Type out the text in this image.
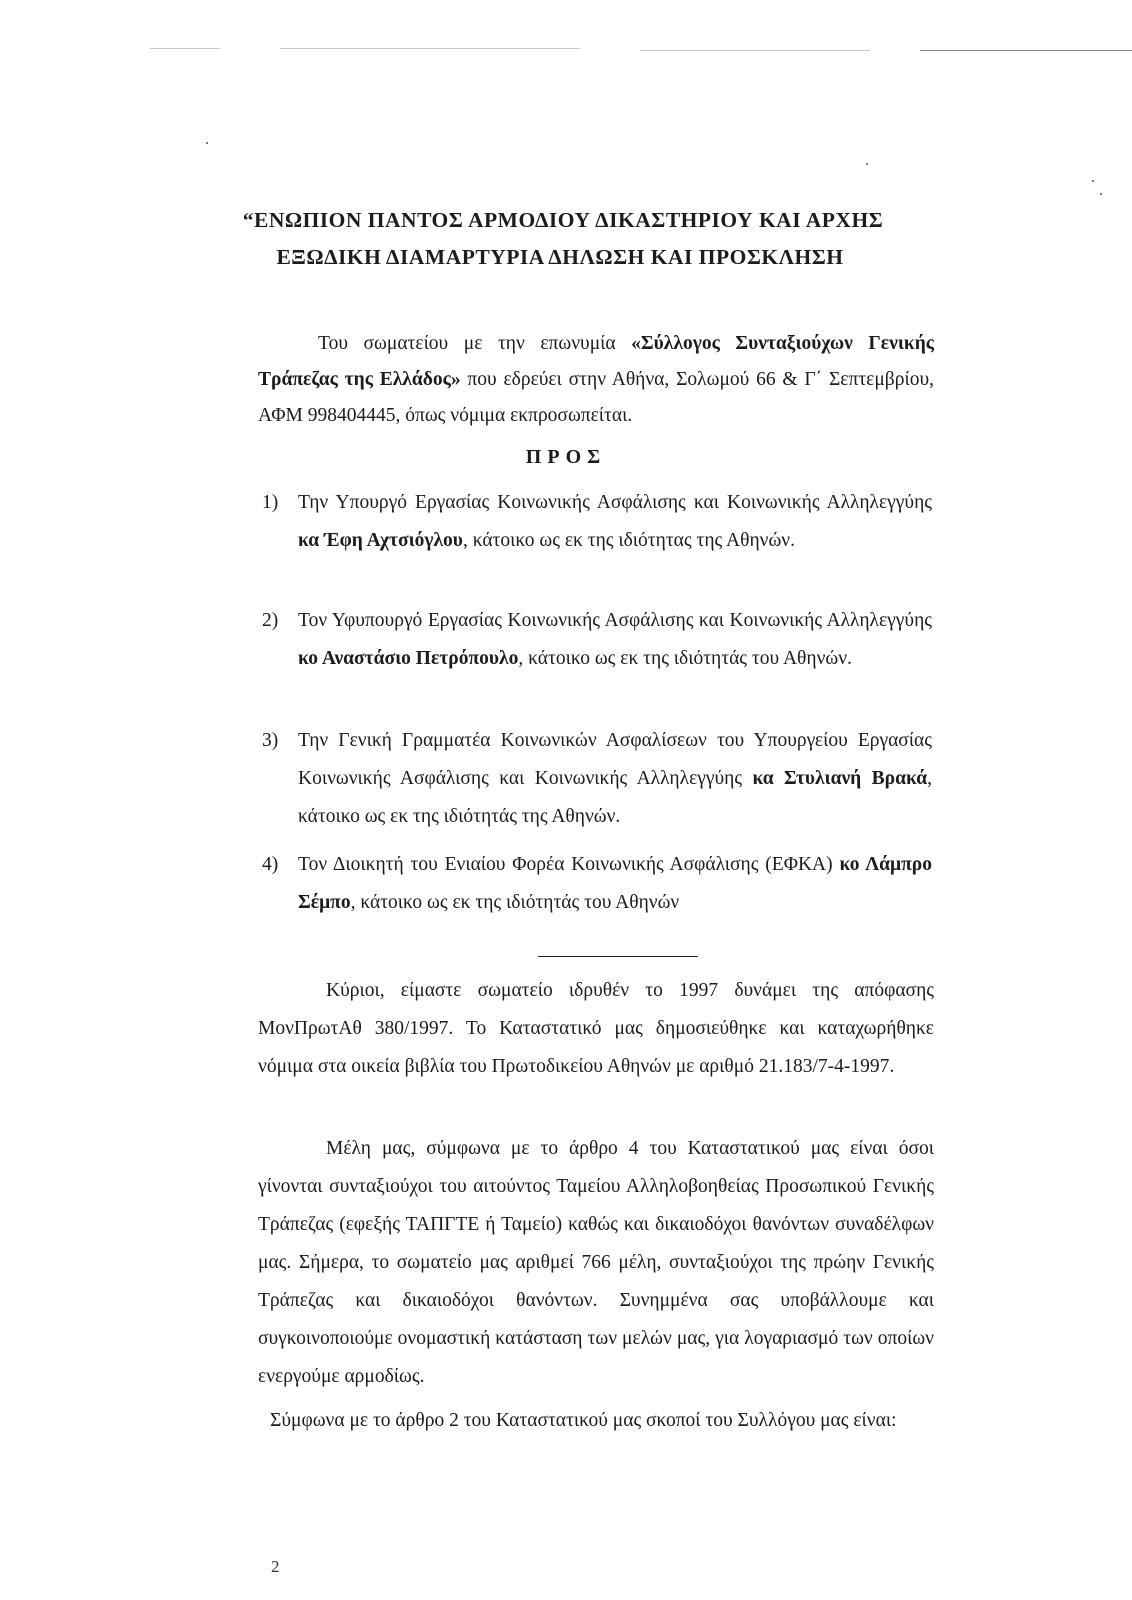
“ΕΝΩΠΙΟΝ ΠΑΝΤΟΣ ΑΡΜΟΔΙΟΥ ΔΙΚΑΣΤΗΡΙΟΥ ΚΑΙ ΑΡΧΗΣ
ΕΞΩΔΙΚΗ ΔΙΑΜΑΡΤΥΡΙΑ ΔΗΛΩΣΗ ΚΑΙ ΠΡΟΣΚΛΗΣΗ
Του σωματείου με την επωνυμία «Σύλλογος Συνταξιούχων Γενικής Τράπεζας της Ελλάδος» που εδρεύει στην Αθήνα, Σολωμού 66 & Γ΄ Σεπτεμβρίου, ΑΦΜ 998404445, όπως νόμιμα εκπροσωπείται.
ΠΡΟΣ
1) Την Υπουργό Εργασίας Κοινωνικής Ασφάλισης και Κοινωνικής Αλληλεγγύης κα Έφη Αχτσιόγλου, κάτοικο ως εκ της ιδιότητας της Αθηνών.
2) Τον Υφυπουργό Εργασίας Κοινωνικής Ασφάλισης και Κοινωνικής Αλληλεγγύης κο Αναστάσιο Πετρόπουλο, κάτοικο ως εκ της ιδιότητάς του Αθηνών.
3) Την Γενική Γραμματέα Κοινωνικών Ασφαλίσεων του Υπουργείου Εργασίας Κοινωνικής Ασφάλισης και Κοινωνικής Αλληλεγγύης κα Στυλιανή Βρακά, κάτοικο ως εκ της ιδιότητάς της Αθηνών.
4) Τον Διοικητή του Ενιαίου Φορέα Κοινωνικής Ασφάλισης (ΕΦΚΑ) κο Λάμπρο Σέμπο, κάτοικο ως εκ της ιδιότητάς του Αθηνών
Κύριοι, είμαστε σωματείο ιδρυθέν το 1997 δυνάμει της απόφασης ΜονΠρωτΑθ 380/1997. Το Καταστατικό μας δημοσιεύθηκε και καταχωρήθηκε νόμιμα στα οικεία βιβλία του Πρωτοδικείου Αθηνών με αριθμό 21.183/7-4-1997.
Μέλη μας, σύμφωνα με το άρθρο 4 του Καταστατικού μας είναι όσοι γίνονται συνταξιούχοι του αιτούντος Ταμείου Αλληλοβοηθείας Προσωπικού Γενικής Τράπεζας (εφεξής ΤΑΠΓΤΕ ή Ταμείο) καθώς και δικαιοδόχοι θανόντων συναδέλφων μας. Σήμερα, το σωματείο μας αριθμεί 766 μέλη, συνταξιούχοι της πρώην Γενικής Τράπεζας και δικαιοδόχοι θανόντων. Συνημμένα σας υποβάλλουμε και συγκοινοποιούμε ονομαστική κατάσταση των μελών μας, για λογαριασμό των οποίων ενεργούμε αρμοδίως.
Σύμφωνα με το άρθρο 2 του Καταστατικού μας σκοποί του Συλλόγου μας είναι:
2
